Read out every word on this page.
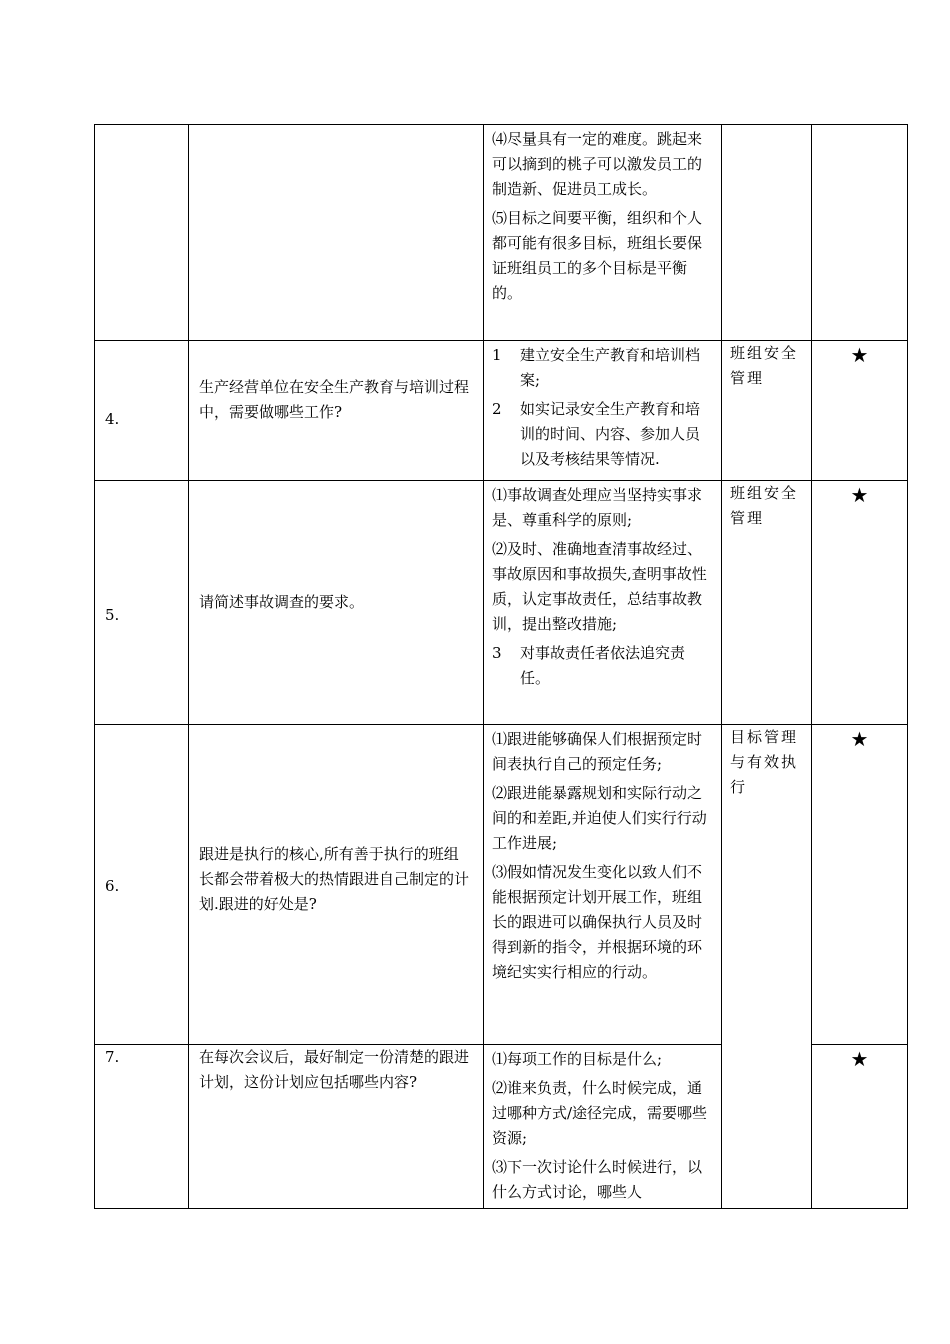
		⑷尽量具有一定的难度。跳起来可以摘到的桃子可以激发员工的制造新、促进员工成长。

⑸目标之间要平衡，组织和个人都可能有很多目标，班组长要保证班组员工的多个目标是平衡的。		

4.	生产经营单位在安全生产教育与培训过程中，需要做哪些工作?	1 建立安全生产教育和培训档案;
2 如实记录安全生产教育和培训的时间、内容、参加人员以及考核结果等情况.	班组安全管理	★
5.	请简述事故调查的要求。	⑴事故调查处理应当坚持实事求是、尊重科学的原则;

⑵及时、准确地查清事故经过、事故原因和事故损失,查明事故性质，认定事故责任，总结事故教训，提出整改措施;

3 对事故责任者依法追究责任。	班组安全管理	★
6.	跟进是执行的核心,所有善于执行的班组长都会带着极大的热情跟进自己制定的计划.跟进的好处是?	⑴跟进能够确保人们根据预定时间表执行自己的预定任务;

⑵跟进能暴露规划和实际行动之间的和差距,并迫使人们实行行动工作进展;

⑶假如情况发生变化以致人们不能根据预定计划开展工作，班组长的跟进可以确保执行人员及时得到新的指令，并根据环境的环境纪实实行相应的行动。	目标管理与有效执行	★
7.	在每次会议后，最好制定一份清楚的跟进计划，这份计划应包括哪些内容?	⑴每项工作的目标是什么;

⑵谁来负责，什么时候完成，通过哪种方式/途径完成，需要哪些资源;

⑶下一次讨论什么时候进行，以什么方式讨论，哪些人		★
